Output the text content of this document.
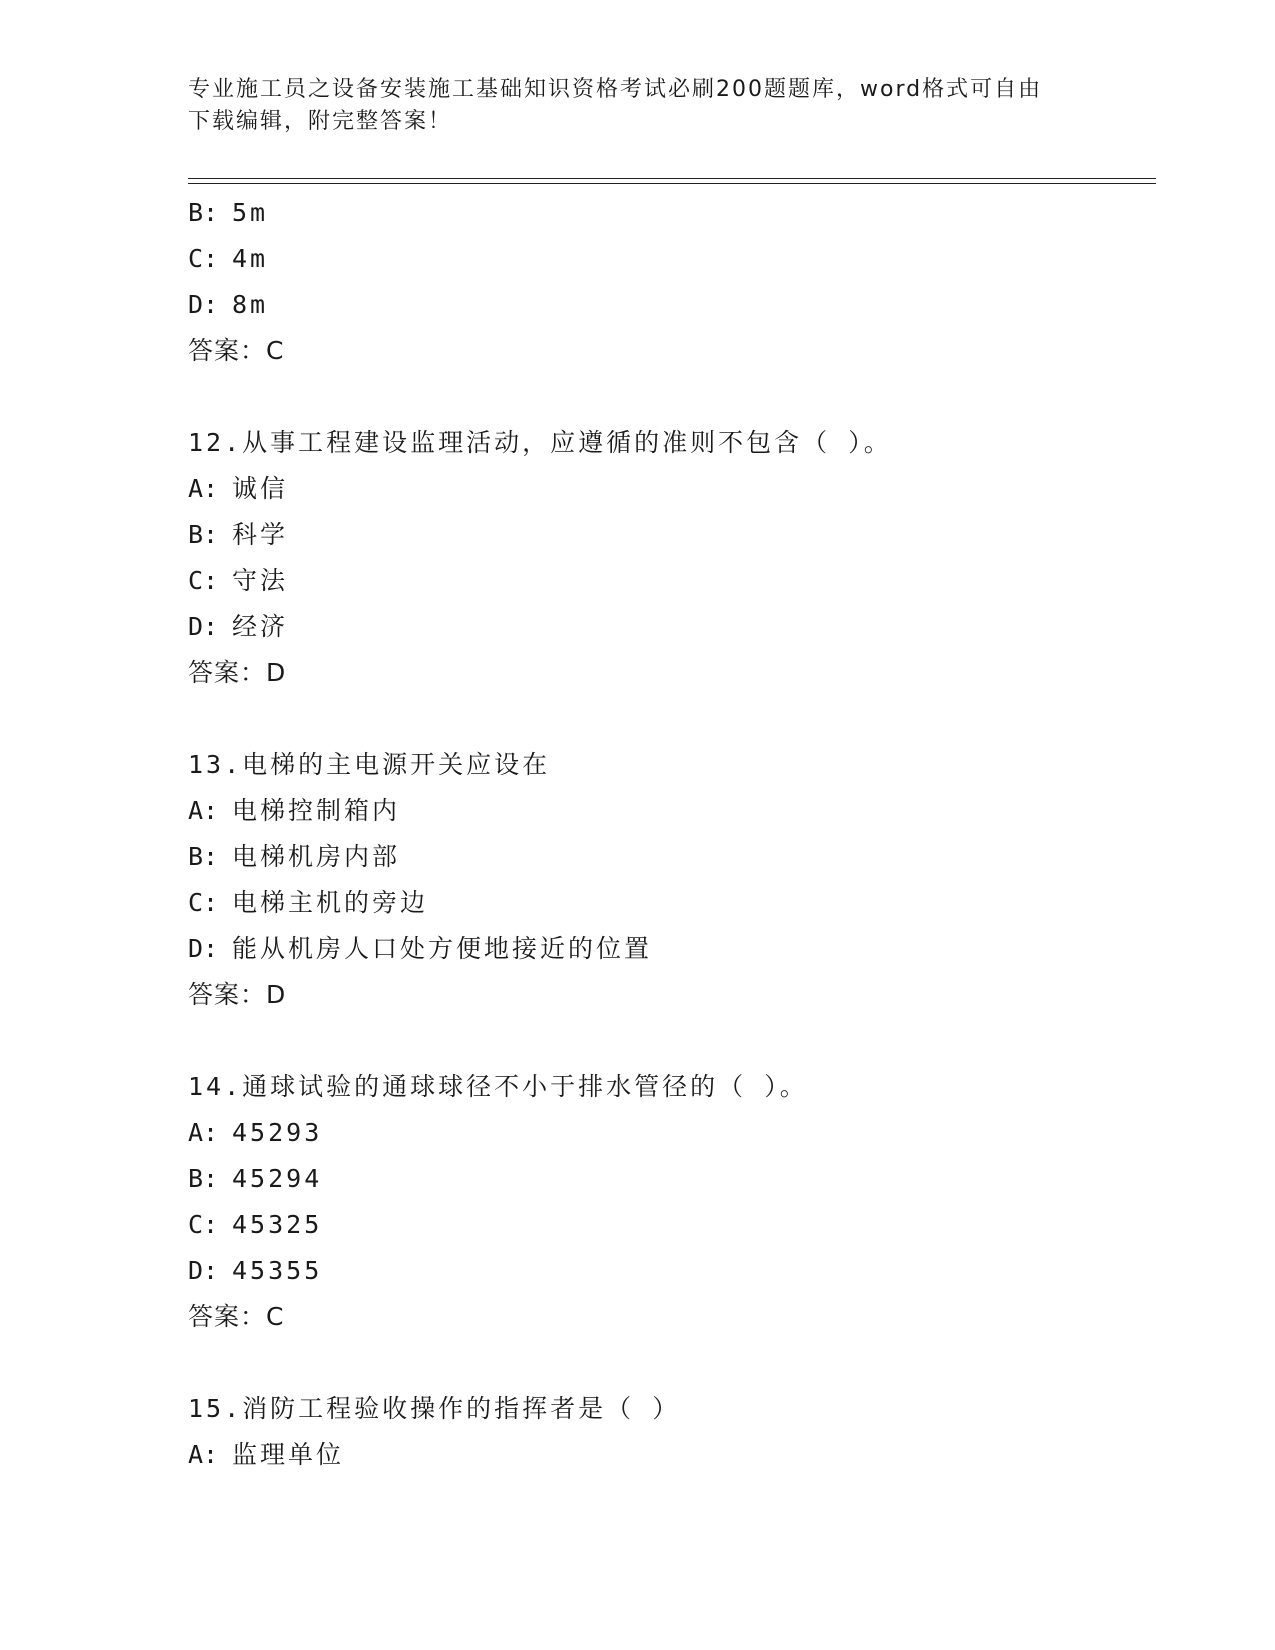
专业施工员之设备安装施工基础知识资格考试必刷200题题库，word格式可自由
下载编辑，附完整答案！
B: 5m
C: 4m
D: 8m
答案：C
12.从事工程建设监理活动，应遵循的准则不包含（ ）。
A: 诚信
B: 科学
C: 守法
D: 经济
答案：D
13.电梯的主电源开关应设在
A: 电梯控制箱内
B: 电梯机房内部
C: 电梯主机的旁边
D: 能从机房人口处方便地接近的位置
答案：D
14.通球试验的通球球径不小于排水管径的（ ）。
A: 45293
B: 45294
C: 45325
D: 45355
答案：C
15.消防工程验收操作的指挥者是（ ）
A: 监理单位
